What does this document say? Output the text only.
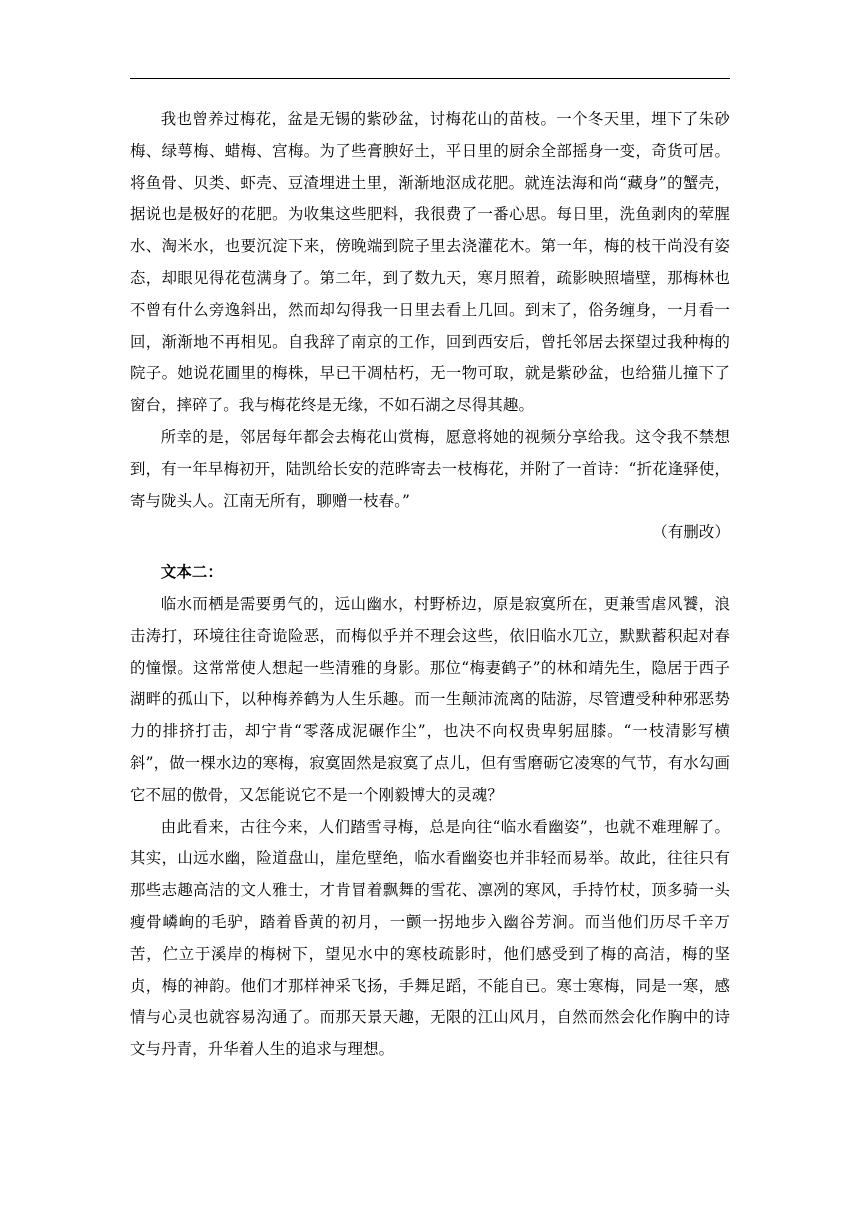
我也曾养过梅花，盆是无锡的紫砂盆，讨梅花山的苗枝。一个冬天里，埋下了朱砂梅、绿萼梅、蜡梅、宫梅。为了些膏腴好土，平日里的厨余全部摇身一变，奇货可居。将鱼骨、贝类、虾壳、豆渣埋进土里，渐渐地沤成花肥。就连法海和尚“藏身”的蟹壳，据说也是极好的花肥。为收集这些肥料，我很费了一番心思。每日里，洗鱼剥肉的荤腥水、淘米水，也要沉淀下来，傍晚端到院子里去浇灌花木。第一年，梅的枝干尚没有姿态，却眼见得花苞满身了。第二年，到了数九天，寒月照着，疏影映照墙壁，那梅林也不曾有什么旁逸斜出，然而却勾得我一日里去看上几回。到末了，俗务缠身，一月看一回，渐渐地不再相见。自我辞了南京的工作，回到西安后，曾托邻居去探望过我种梅的院子。她说花圃里的梅株，早已干凋枯朽，无一物可取，就是紫砂盆，也给猫儿撞下了窗台，摔碎了。我与梅花终是无缘，不如石湖之尽得其趣。

所幸的是，邻居每年都会去梅花山赏梅，愿意将她的视频分享给我。这令我不禁想到，有一年早梅初开，陆凯给长安的范晔寄去一枝梅花，并附了一首诗：“折花逢驿使，寄与陇头人。江南无所有，聊赠一枝春。”

（有删改）

文本二：

临水而栖是需要勇气的，远山幽水，村野桥边，原是寂寞所在，更兼雪虐风饕，浪击涛打，环境往往奇诡险恶，而梅似乎并不理会这些，依旧临水兀立，默默蓄积起对春的憧憬。这常常使人想起一些清雅的身影。那位“梅妻鹤子”的林和靖先生，隐居于西子湖畔的孤山下，以种梅养鹤为人生乐趣。而一生颠沛流离的陆游，尽管遭受种种邪恶势力的排挤打击，却宁肯“零落成泥碾作尘”，也决不向权贵卑躬屈膝。“一枝清影写横斜”，做一棵水边的寒梅，寂寞固然是寂寞了点儿，但有雪磨砺它凌寒的气节，有水勾画它不屈的傲骨，又怎能说它不是一个刚毅博大的灵魂？

由此看来，古往今来，人们踏雪寻梅，总是向往“临水看幽姿”，也就不难理解了。其实，山远水幽，险道盘山，崖危壁绝，临水看幽姿也并非轻而易举。故此，往往只有那些志趣高洁的文人雅士，才肯冒着飘舞的雪花、凛冽的寒风，手持竹杖，顶多骑一头瘦骨嶙峋的毛驴，踏着昏黄的初月，一颤一拐地步入幽谷芳涧。而当他们历尽千辛万苦，伫立于溪岸的梅树下，望见水中的寒枝疏影时，他们感受到了梅的高洁，梅的坚贞，梅的神韵。他们才那样神采飞扬，手舞足蹈，不能自已。寒士寒梅，同是一寒，感情与心灵也就容易沟通了。而那天景天趣，无限的江山风月，自然而然会化作胸中的诗文与丹青，升华着人生的追求与理想。
